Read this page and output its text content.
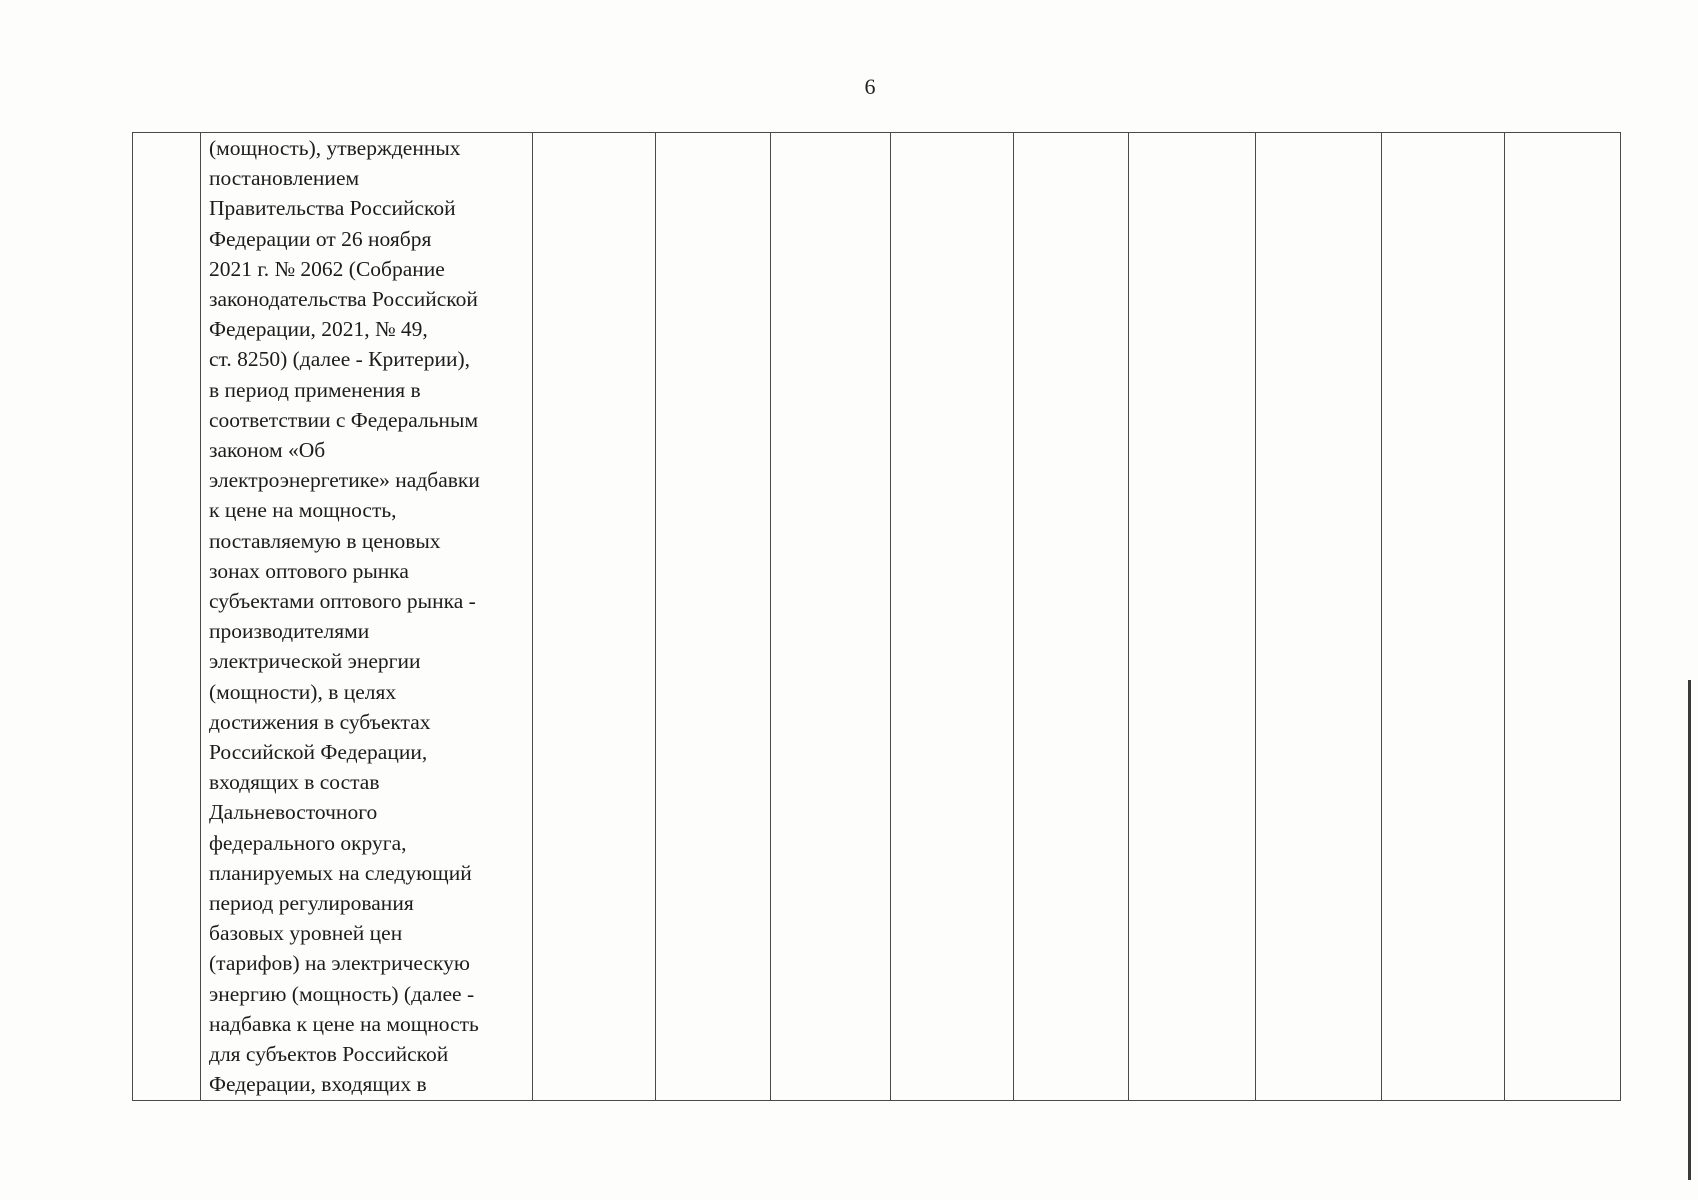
6

(мощность), утвержденных
постановлением
Правительства Российской
Федерации от 26 ноября
2021 г. № 2062 (Собрание
законодательства Российской
Федерации, 2021, № 49,
ст. 8250) (далее - Критерии),
в период применения в
соответствии с Федеральным
законом «Об
электроэнергетике» надбавки
к цене на мощность,
поставляемую в ценовых
зонах оптового рынка
субъектами оптового рынка -
производителями
электрической энергии
(мощности), в целях
достижения в субъектах
Российской Федерации,
входящих в состав
Дальневосточного
федерального округа,
планируемых на следующий
период регулирования
базовых уровней цен
(тарифов) на электрическую
энергию (мощность) (далее -
надбавка к цене на мощность
для субъектов Российской
Федерации, входящих в
